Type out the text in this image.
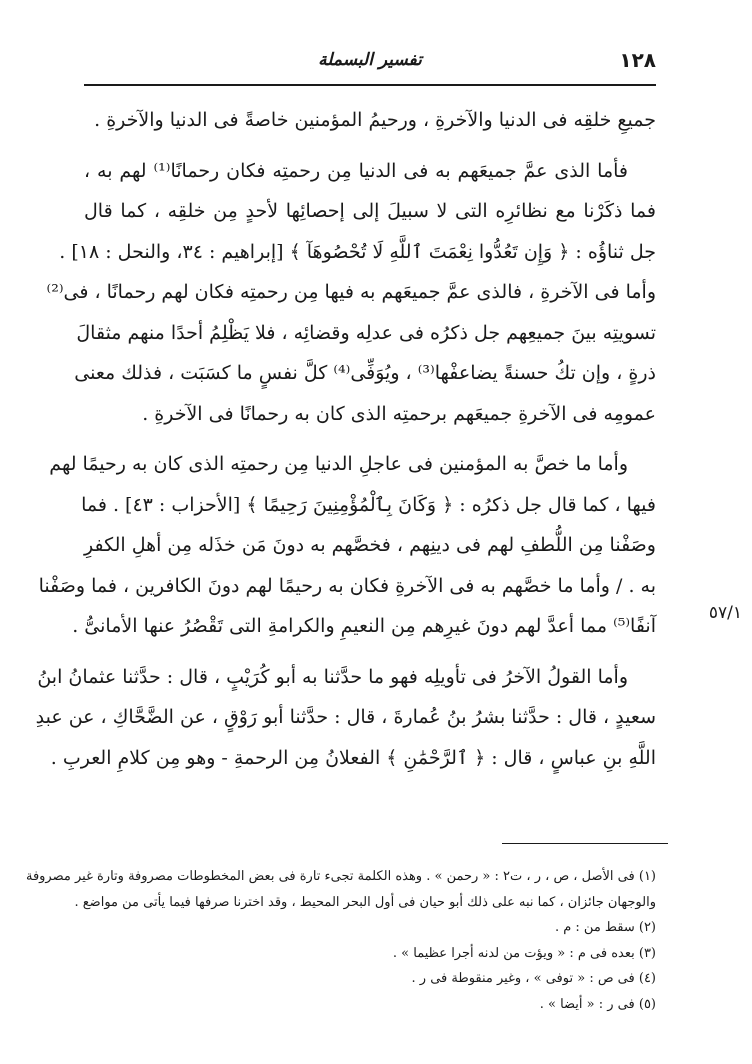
١٢٨
تفسير البسملة
جميعِ خلقِه فى الدنيا والآخرةِ ، ورحيمُ المؤمنين خاصةً فى الدنيا والآخرةِ .
فأما الذى عمَّ جميعَهم به فى الدنيا مِن رحمتِه فكان رحمانًا⁽¹⁾ لهم به ،
فما ذكَرْنا مع نظائرِه التى لا سبيلَ إلى إحصائِها لأحدٍ مِن خلقِه ، كما قال
جل ثناؤُه : ﴿ وَإِن تَعُدُّوا نِعْمَتَ ٱللَّهِ لَا تُحْصُوهَآ ﴾ [إبراهيم : ٣٤، والنحل : ١٨] .
وأما فى الآخرةِ ، فالذى عمَّ جميعَهم به فيها مِن رحمتِه فكان لهم رحمانًا ، فى⁽²⁾
تسويتِه بينَ جميعِهم جل ذكرُه فى عدلِه وقضائِه ، فلا يَظْلِمُ أحدًا منهم مثقالَ
ذرةٍ ، وإن تكُ حسنةً يضاعفْها⁽³⁾ ، ويُوَفِّى⁽⁴⁾ كلَّ نفسٍ ما كسَبَت ، فذلك معنى
عمومِه فى الآخرةِ جميعَهم برحمتِه الذى كان به رحمانًا فى الآخرةِ .
وأما ما خصَّ به المؤمنين فى عاجلِ الدنيا مِن رحمتِه الذى كان به رحيمًا لهم
فيها ، كما قال جل ذكرُه : ﴿ وَكَانَ بِٱلْمُؤْمِنِينَ رَحِيمًا ﴾ [الأحزاب : ٤٣] . فما
وصَفْنا مِن اللُّطفِ لهم فى دينِهم ، فخصَّهم به دونَ مَن خذَله مِن أهلِ الكفرِ
به . / وأما ما خصَّهم به فى الآخرةِ فكان به رحيمًا لهم دونَ الكافرين ، فما وصَفْنا
آنفًا⁽⁵⁾ مما أعدَّ لهم دونَ غيرِهم مِن النعيمِ والكرامةِ التى تَقْصُرُ عنها الأمانىُّ .
وأما القولُ الآخرُ فى تأويلِه فهو ما حدَّثنا به أبو كُرَيْبٍ ، قال : حدَّثنا عثمانُ ابنُ
سعيدٍ ، قال : حدَّثنا بشرُ بنُ عُمارةَ ، قال : حدَّثنا أبو رَوْقٍ ، عن الضَّحَّاكِ ، عن عبدِ
اللَّهِ بنِ عباسٍ ، قال : ﴿ ٱلرَّحْمَٰنِ ﴾ الفعلانُ مِن الرحمةِ - وهو مِن كلامِ العربِ .
٥٧/١
(١) فى الأصل ، ص ، ر ، ت٢ : « رحمن » . وهذه الكلمة تجىء تارة فى بعض المخطوطات مصروفة وتارة غير مصروفة
والوجهان جائزان ، كما نبه على ذلك أبو حيان فى أول البحر المحيط ، وقد اخترنا صرفها فيما يأتى من مواضع .
(٢) سقط من : م .
(٣) بعده فى م : « ويؤت من لدنه أجرا عظيما » .
(٤) فى ص : « توفى » ، وغير منقوطة فى ر .
(٥) فى ر : « أيضا » .
